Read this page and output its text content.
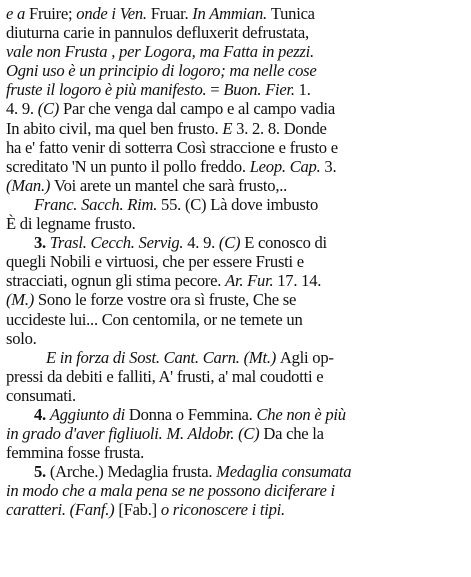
e a Fruire; onde i Ven. Fruar. In Ammian. Tunica
diuturna carie in pannulos defluxerit defrustata,
vale non Frusta , per Logora, ma Fatta in pezzi.
Ogni uso è un principio di logoro; ma nelle cose
fruste il logoro è più manifesto. = Buon. Fier. 1.
4. 9. (C) Par che venga dal campo e al campo vadia
In abito civil, ma quel ben frusto. E 3. 2. 8. Donde
ha e' fatto venir di sotterra Così straccione e frusto e
screditato 'N un punto il pollo freddo. Leop. Cap. 3.
(Man.) Voi arete un mantel che sarà frusto,..
Franc. Sacch. Rim. 55. (C) Là dove imbusto
È di legname frusto.
3. Trasl. Cecch. Servig. 4. 9. (C) E conosco di
quegli Nobili e virtuosi, che per essere Frusti e
stracciati, ognun gli stima pecore. Ar. Fur. 17. 14.
(M.) Sono le forze vostre ora sì fruste, Che se
uccideste lui... Con centomila, or ne temete un
solo.
E in forza di Sost. Cant. Carn. (Mt.) Agli op-
pressi da debiti e falliti, A' frusti, a' mal coudotti e
consumati.
4. Aggiunto di Donna o Femmina. Che non è più
in grado d'aver figliuoli. M. Aldobr. (C) Da che la
femmina fosse frusta.
5. (Arche.) Medaglia frusta. Medaglia consumata
in modo che a mala pena se ne possono diciferare i
caratteri. (Fanf.) [Fab.] o riconoscere i tipi.
